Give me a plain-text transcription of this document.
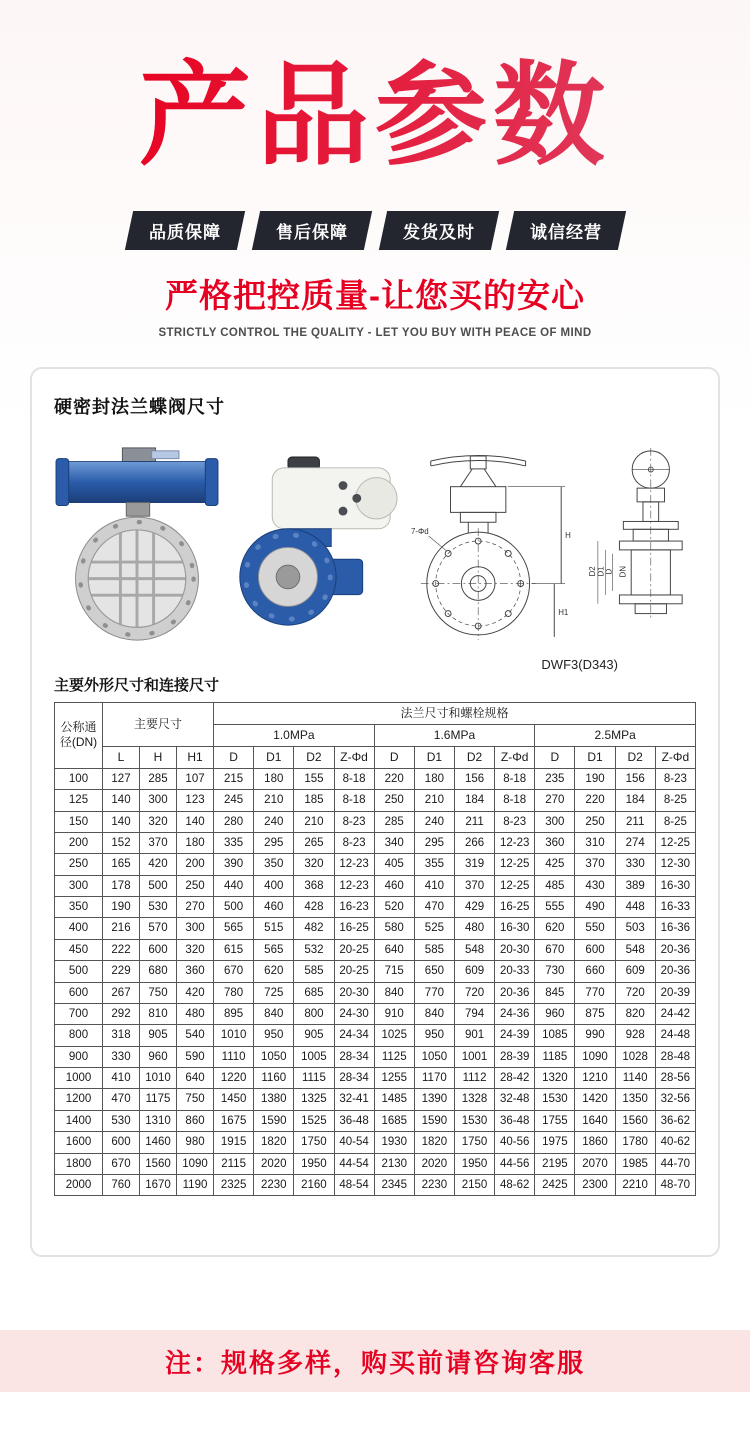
产品参数
品质保障	售后保障	发货及时	诚信经营
严格把控质量-让您买的安心
STRICTLY CONTROL THE QUALITY - LET YOU BUY WITH PEACE OF MIND
硬密封法兰蝶阀尺寸
7-Φd	H
H1
D2 D1
D DN
DWF3(D343)
主要外形尺寸和连接尺寸
公称通径(DN)	主要尺寸			法兰尺寸和螺栓规格											
				1.0MPa				1.6MPa				2.5MPa			
	L	H	H1	D	D1	D2	Z-Φd	D	D1	D2	Z-Φd	D	D1	D2	Z-Φd
100	127	285	107	215	180	155	8-18	220	180	156	8-18	235	190	156	8-23
125	140	300	123	245	210	185	8-18	250	210	184	8-18	270	220	184	8-25
150	140	320	140	280	240	210	8-23	285	240	211	8-23	300	250	211	8-25
200	152	370	180	335	295	265	8-23	340	295	266	12-23	360	310	274	12-25
250	165	420	200	390	350	320	12-23	405	355	319	12-25	425	370	330	12-30
300	178	500	250	440	400	368	12-23	460	410	370	12-25	485	430	389	16-30
350	190	530	270	500	460	428	16-23	520	470	429	16-25	555	490	448	16-33
400	216	570	300	565	515	482	16-25	580	525	480	16-30	620	550	503	16-36
450	222	600	320	615	565	532	20-25	640	585	548	20-30	670	600	548	20-36
500	229	680	360	670	620	585	20-25	715	650	609	20-33	730	660	609	20-36
600	267	750	420	780	725	685	20-30	840	770	720	20-36	845	770	720	20-39
700	292	810	480	895	840	800	24-30	910	840	794	24-36	960	875	820	24-42
800	318	905	540	1010	950	905	24-34	1025	950	901	24-39	1085	990	928	24-48
900	330	960	590	1110	1050	1005	28-34	1125	1050	1001	28-39	1185	1090	1028	28-48
1000	410	1010	640	1220	1160	1115	28-34	1255	1170	1112	28-42	1320	1210	1140	28-56
1200	470	1175	750	1450	1380	1325	32-41	1485	1390	1328	32-48	1530	1420	1350	32-56
1400	530	1310	860	1675	1590	1525	36-48	1685	1590	1530	36-48	1755	1640	1560	36-62
1600	600	1460	980	1915	1820	1750	40-54	1930	1820	1750	40-56	1975	1860	1780	40-62
1800	670	1560	1090	2115	2020	1950	44-54	2130	2020	1950	44-56	2195	2070	1985	44-70
2000	760	1670	1190	2325	2230	2160	48-54	2345	2230	2150	48-62	2425	2300	2210	48-70
注：规格多样，购买前请咨询客服
